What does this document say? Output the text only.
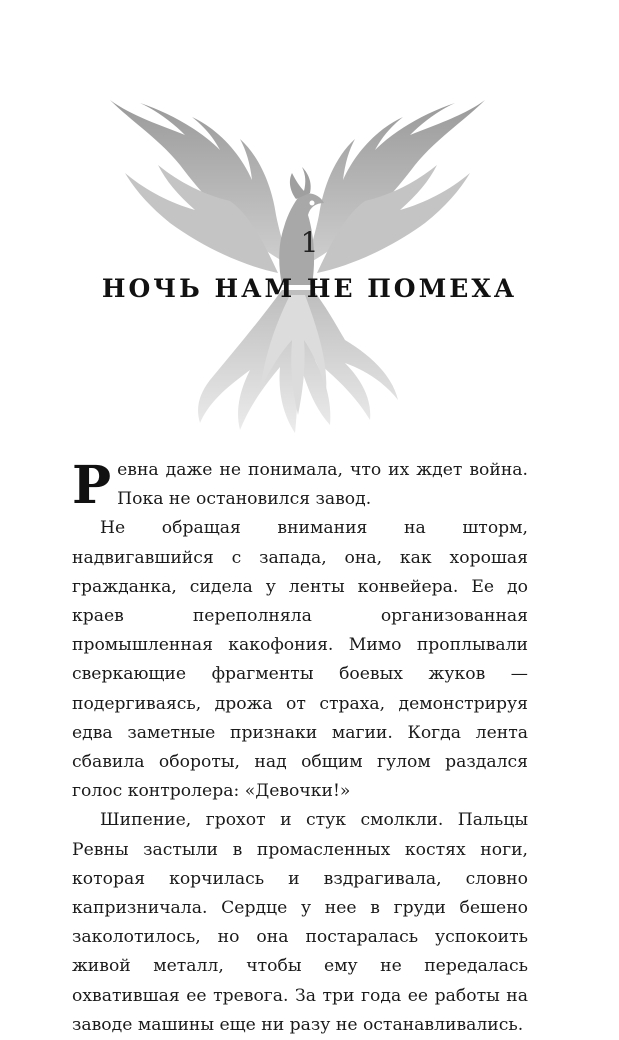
1
НОЧЬ НАМ НЕ ПОМЕХА

Ревна даже не понимала, что их ждет война. Пока не остановился завод.

Не обращая внимания на шторм, надвигавшийся с запада, она, как хорошая гражданка, сидела у ленты конвейера. Ее до краев переполняла организованная промышленная какофония. Мимо проплывали сверкающие фрагменты боевых жуков — подергиваясь, дрожа от страха, демонстрируя едва заметные признаки магии. Когда лента сбавила обороты, над общим гулом раздался голос контролера: «Девочки!»

Шипение, грохот и стук смолкли. Пальцы Ревны застыли в промасленных костях ноги, которая корчилась и вздрагивала, словно капризничала. Сердце у нее в груди бешено заколотилось, но она постаралась успокоить живой металл, чтобы ему не передалась охватившая ее тревога. За три года ее работы на заводе машины еще ни разу не останавливались.
